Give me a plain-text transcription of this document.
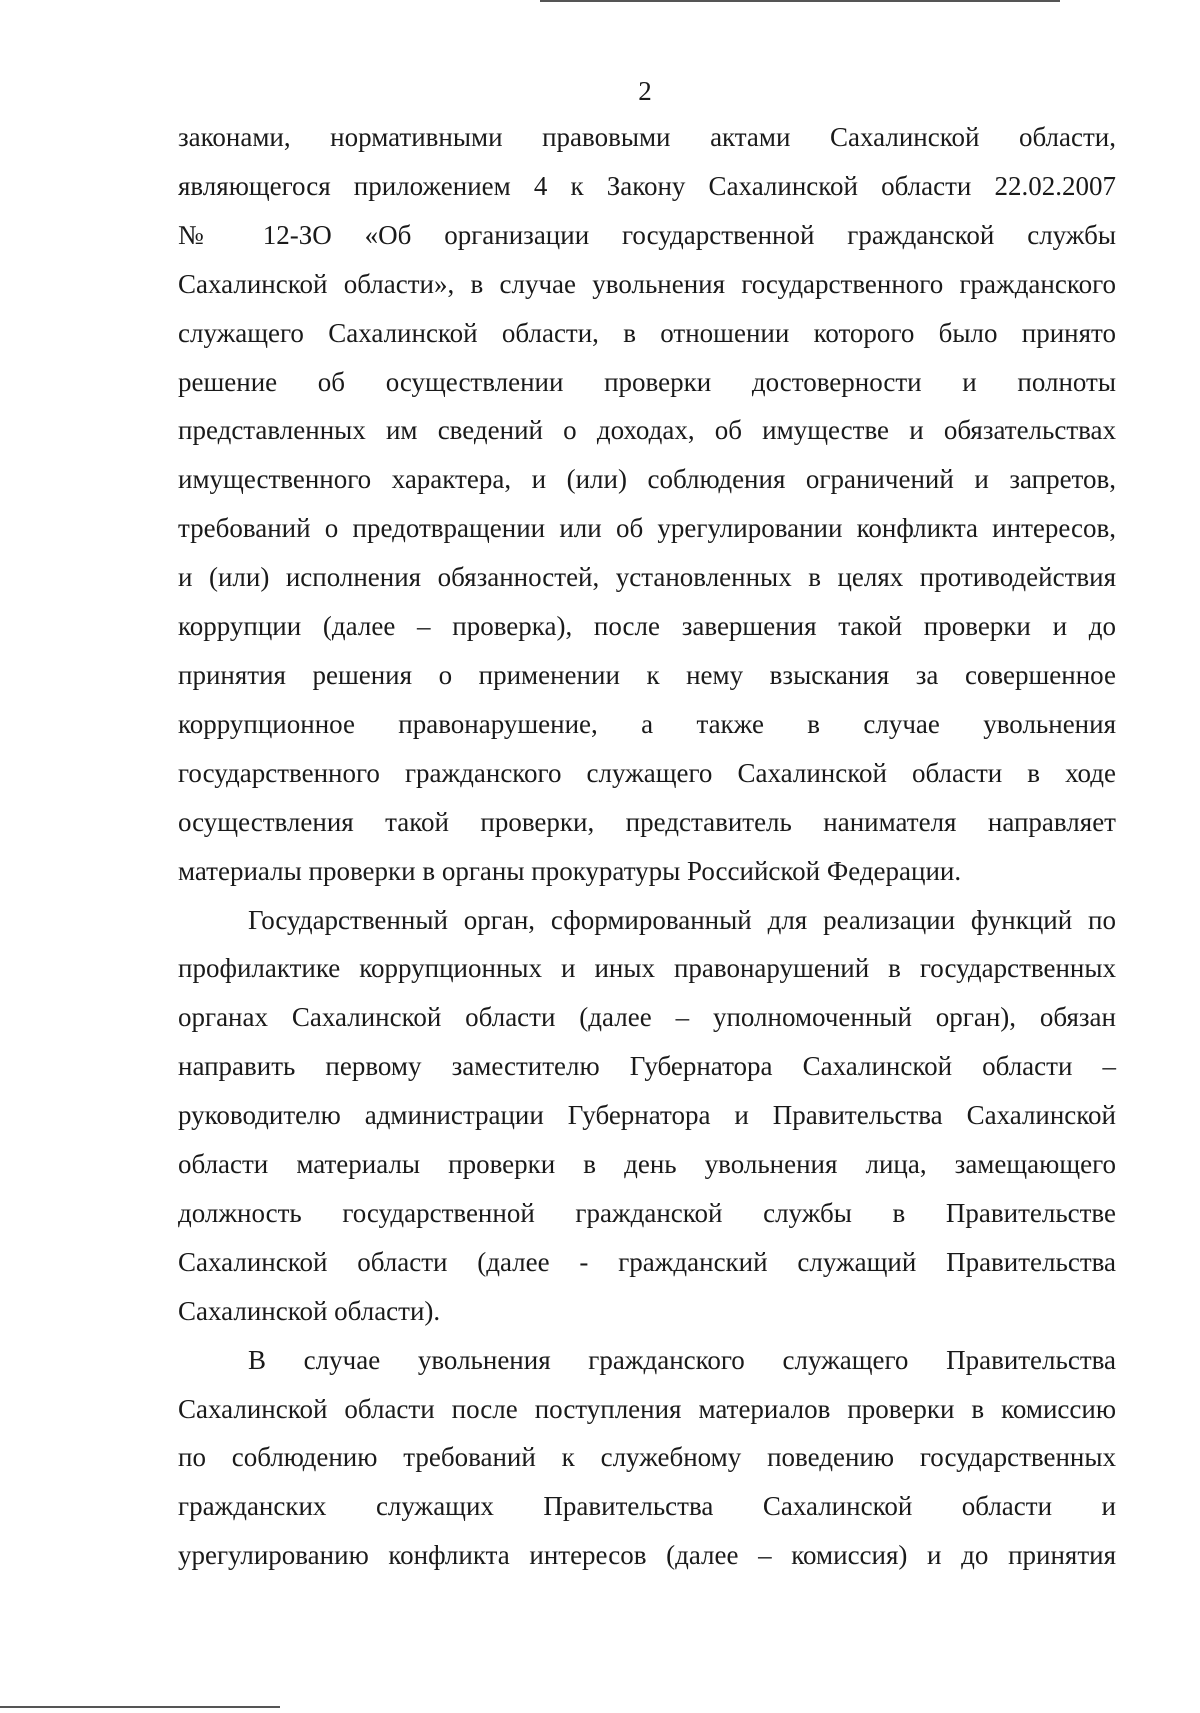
2
законами, нормативными правовыми актами Сахалинской области,
являющегося приложением 4 к Закону Сахалинской области 22.02.2007
№ 12-ЗО «Об организации государственной гражданской службы
Сахалинской области», в случае увольнения государственного гражданского
служащего Сахалинской области, в отношении которого было принято
решение об осуществлении проверки достоверности и полноты
представленных им сведений о доходах, об имуществе и обязательствах
имущественного характера, и (или) соблюдения ограничений и запретов,
требований о предотвращении или об урегулировании конфликта интересов,
и (или) исполнения обязанностей, установленных в целях противодействия
коррупции (далее – проверка), после завершения такой проверки и до
принятия решения о применении к нему взыскания за совершенное
коррупционное правонарушение, а также в случае увольнения
государственного гражданского служащего Сахалинской области в ходе
осуществления такой проверки, представитель нанимателя направляет
материалы проверки в органы прокуратуры Российской Федерации.
Государственный орган, сформированный для реализации функций по
профилактике коррупционных и иных правонарушений в государственных
органах Сахалинской области (далее – уполномоченный орган), обязан
направить первому заместителю Губернатора Сахалинской области –
руководителю администрации Губернатора и Правительства Сахалинской
области материалы проверки в день увольнения лица, замещающего
должность государственной гражданской службы в Правительстве
Сахалинской области (далее - гражданский служащий Правительства
Сахалинской области).
В случае увольнения гражданского служащего Правительства
Сахалинской области после поступления материалов проверки в комиссию
по соблюдению требований к служебному поведению государственных
гражданских служащих Правительства Сахалинской области и
урегулированию конфликта интересов (далее – комиссия) и до принятия
